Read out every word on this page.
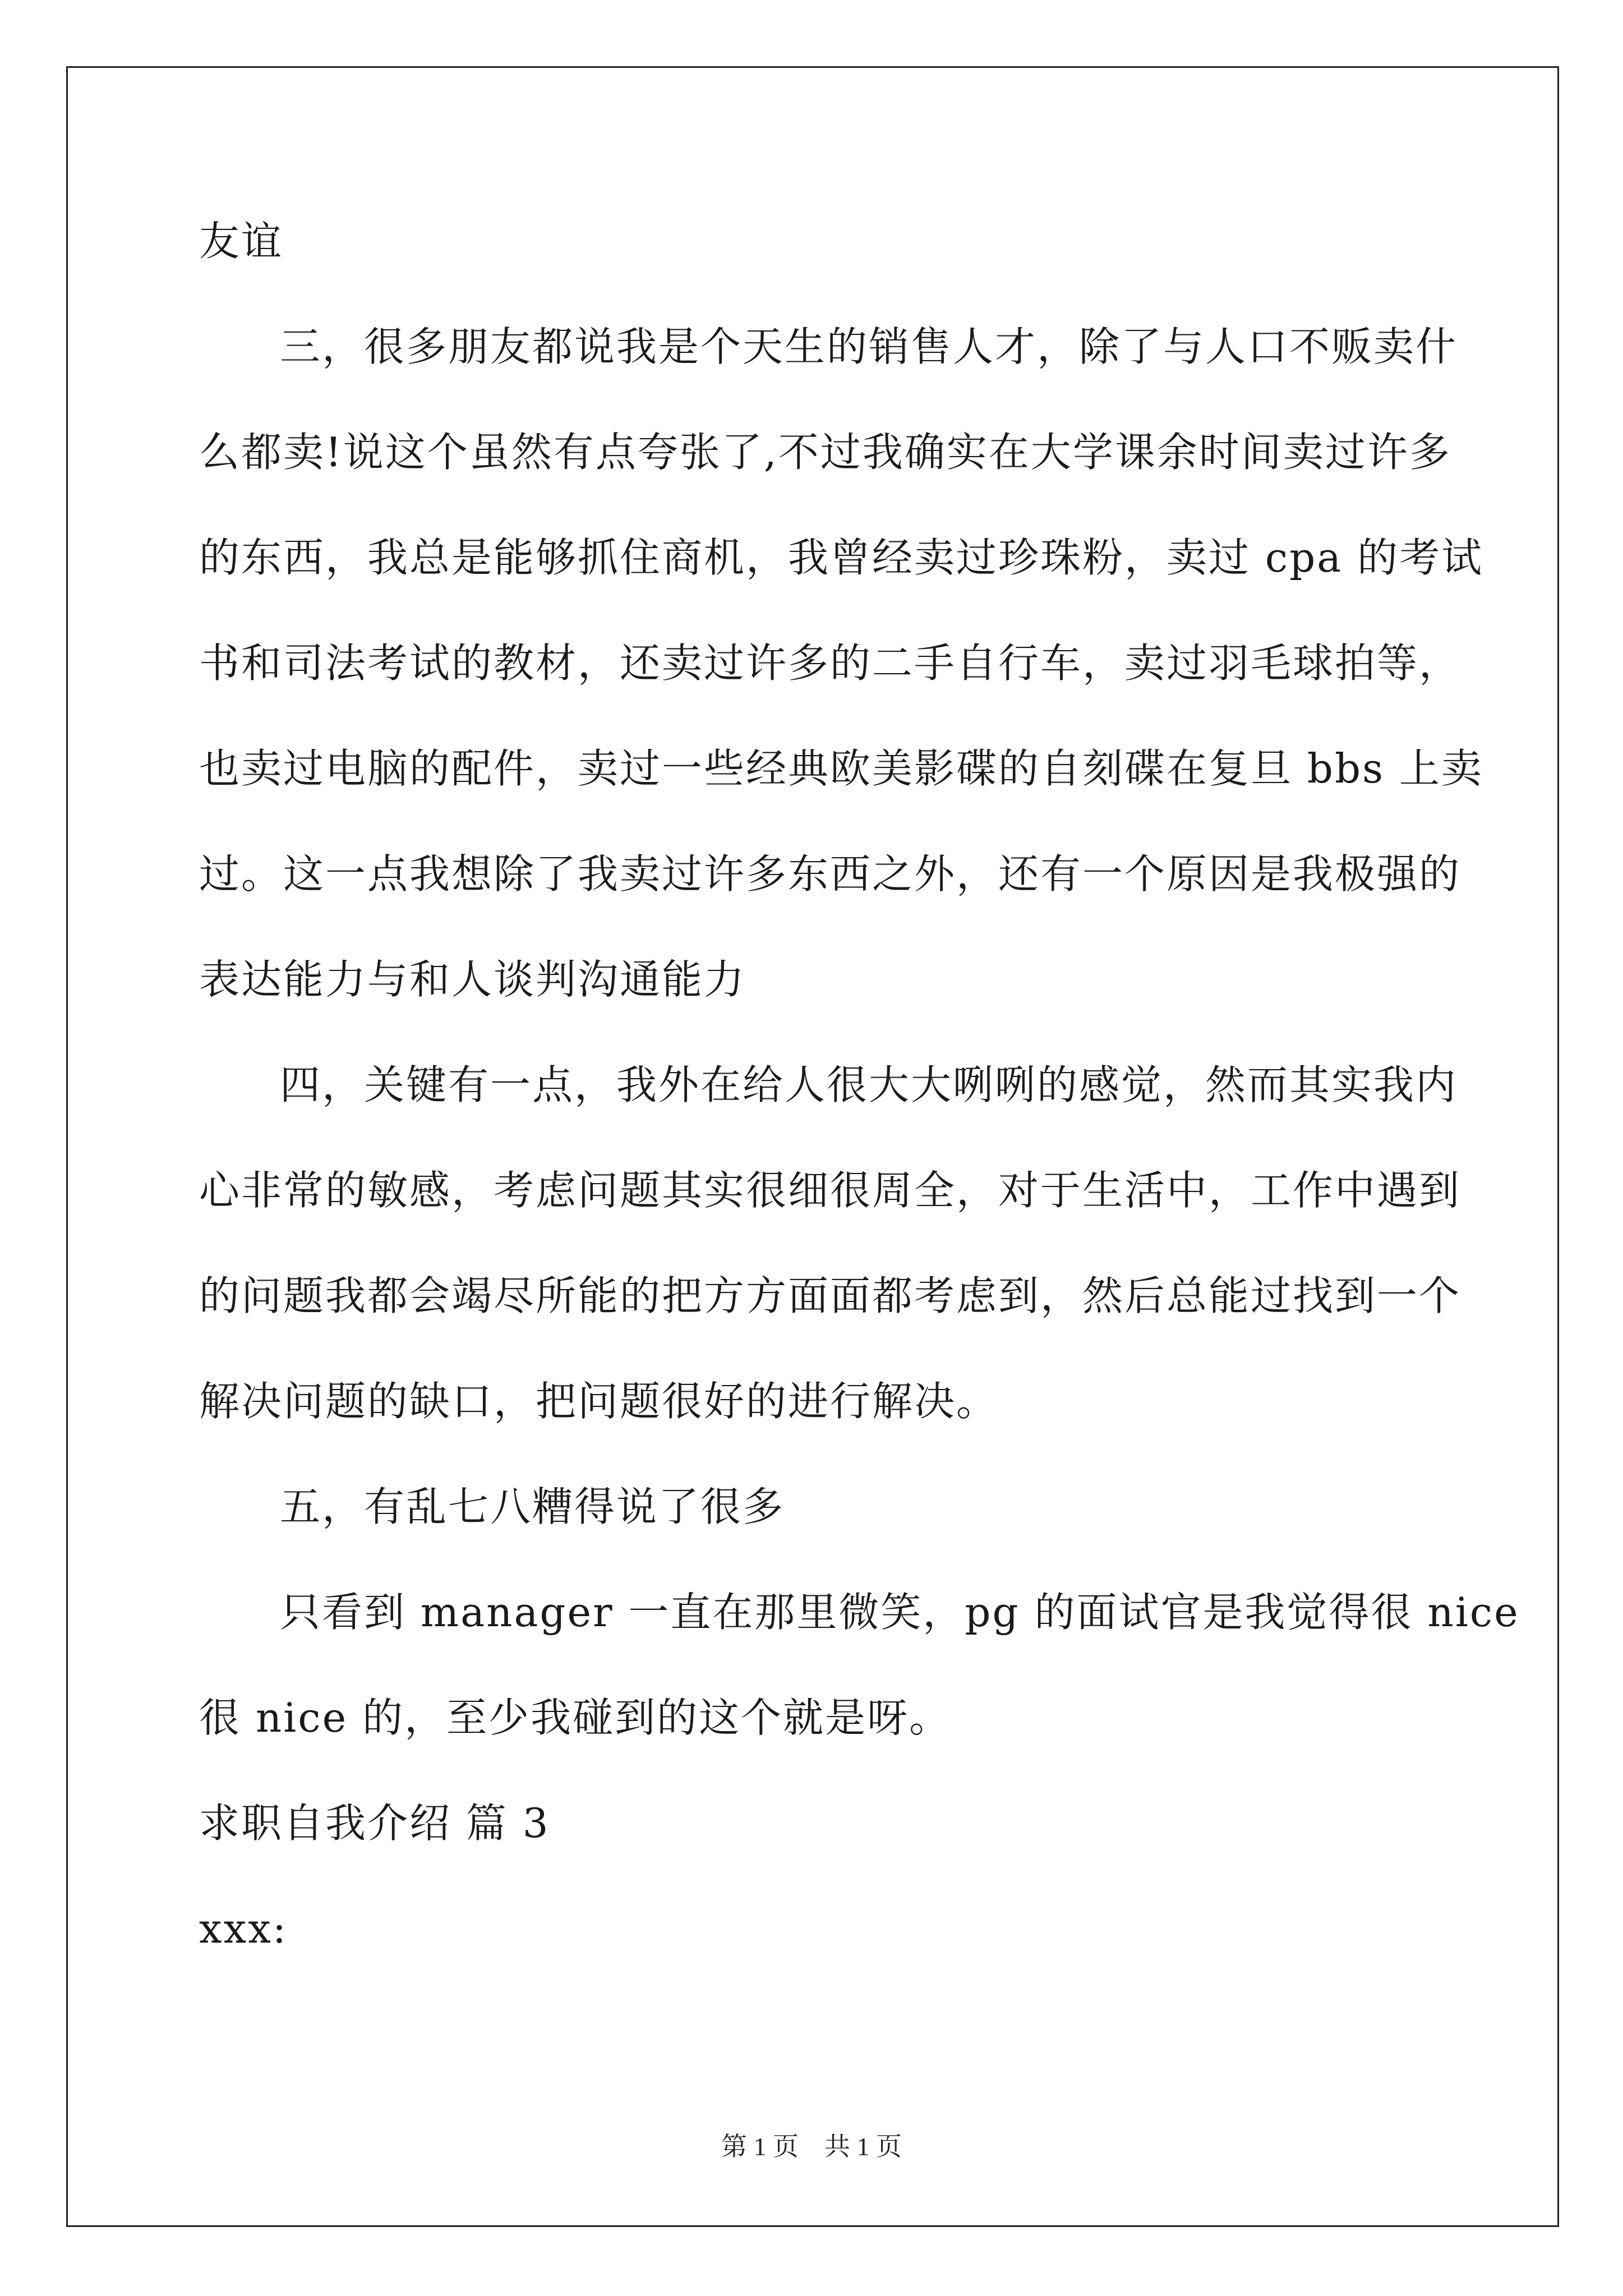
友谊
三，很多朋友都说我是个天生的销售人才，除了与人口不贩卖什
么都卖!说这个虽然有点夸张了,不过我确实在大学课余时间卖过许多
的东西，我总是能够抓住商机，我曾经卖过珍珠粉，卖过 cpa 的考试
书和司法考试的教材，还卖过许多的二手自行车，卖过羽毛球拍等，
也卖过电脑的配件，卖过一些经典欧美影碟的自刻碟在复旦 bbs 上卖
过。这一点我想除了我卖过许多东西之外，还有一个原因是我极强的
表达能力与和人谈判沟通能力
四，关键有一点，我外在给人很大大咧咧的感觉，然而其实我内
心非常的敏感，考虑问题其实很细很周全，对于生活中，工作中遇到
的问题我都会竭尽所能的把方方面面都考虑到，然后总能过找到一个
解决问题的缺口，把问题很好的进行解决。
五，有乱七八糟得说了很多
只看到 manager 一直在那里微笑，pg 的面试官是我觉得很 nice
很 nice 的，至少我碰到的这个就是呀。
求职自我介绍 篇 3
xxx:
第 1 页　共 1 页
